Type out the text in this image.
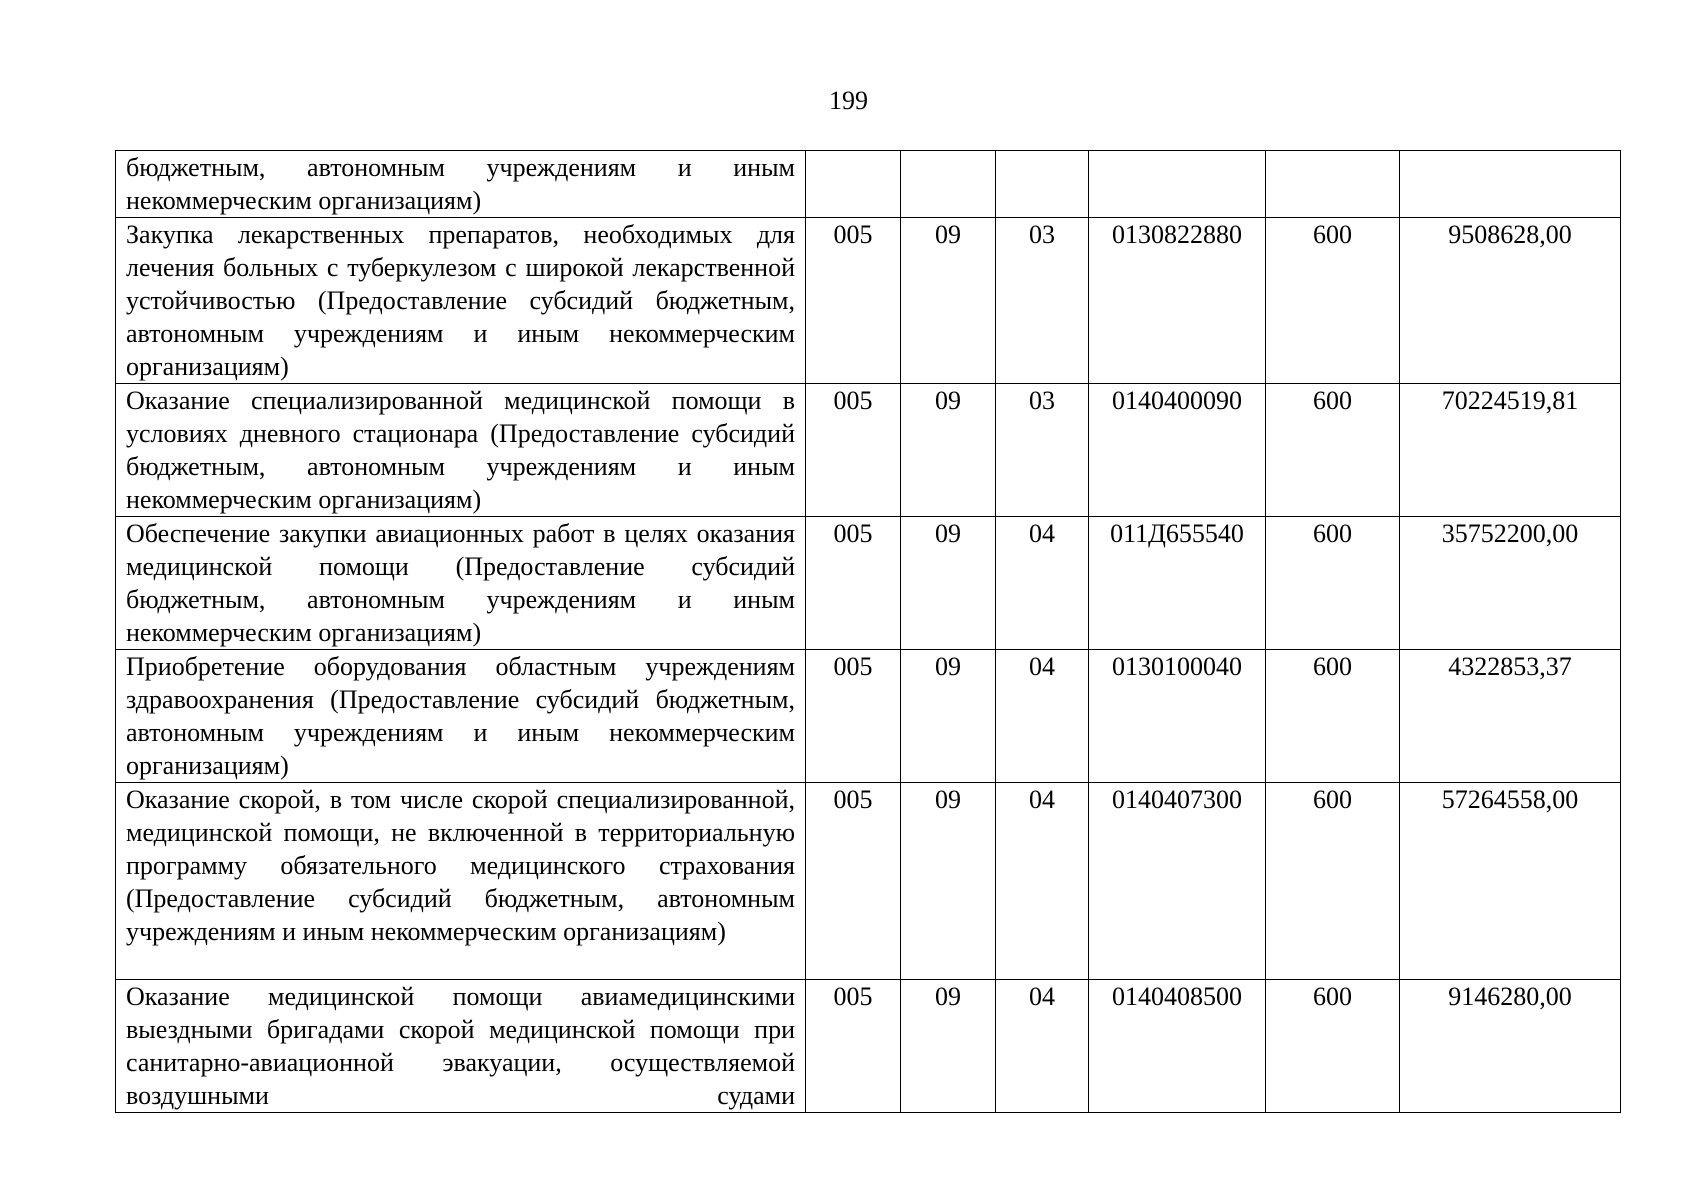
199
бюджетным, автономным учреждениям и иным некоммерческим организациям)						
Закупка лекарственных препаратов, необходимых для лечения больных с туберкулезом с широкой лекарственной устойчивостью (Предоставление субсидий бюджетным, автономным учреждениям и иным некоммерческим организациям)	005	09	03	0130822880	600	9508628,00
Оказание специализированной медицинской помощи в условиях дневного стационара (Предоставление субсидий бюджетным, автономным учреждениям и иным некоммерческим организациям)	005	09	03	0140400090	600	70224519,81
Обеспечение закупки авиационных работ в целях оказания медицинской помощи (Предоставление субсидий бюджетным, автономным учреждениям и иным некоммерческим организациям)	005	09	04	011Д655540	600	35752200,00
Приобретение оборудования областным учреждениям здравоохранения (Предоставление субсидий бюджетным, автономным учреждениям и иным некоммерческим организациям)	005	09	04	0130100040	600	4322853,37
Оказание скорой, в том числе скорой специализированной, медицинской помощи, не включенной в территориальную программу обязательного медицинского страхования (Предоставление субсидий бюджетным, автономным учреждениям и иным некоммерческим организациям)	005	09	04	0140407300	600	57264558,00
Оказание медицинской помощи авиамедицинскими выездными бригадами скорой медицинской помощи при санитарно-авиационной эвакуации, осуществляемой воздушными судами	005	09	04	0140408500	600	9146280,00
